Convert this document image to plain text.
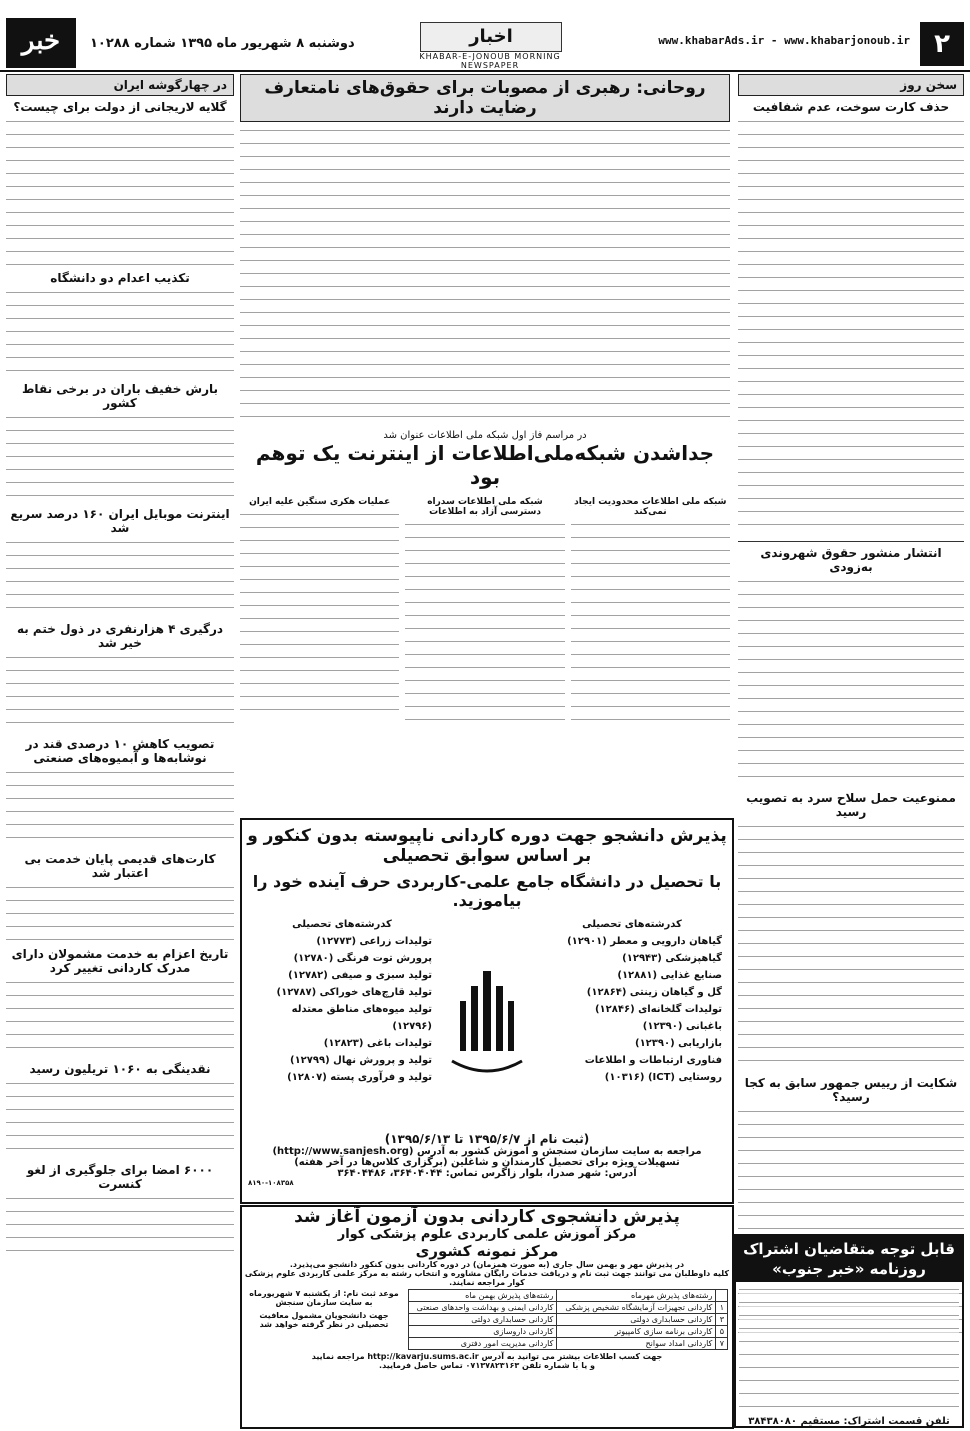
خبر	دوشنبه ۸ شهریور ماه ۱۳۹۵ شماره ۱۰۲۸۸	اخبار
KHABAR-E-JONOUB MORNING NEWSPAPER
www.khabarAds.ir - www.khabarjonoub.ir ۲
سخن روز
حذف کارت سوخت، عدم شفافیت
انتشار منشور حقوق شهروندی به‌زودی
ممنوعیت حمل سلاح سرد به تصویب رسید
شکایت از رییس جمهور سابق به کجا رسید؟
قابل توجه متقاضیان اشتراک روزنامه «خبر جنوب»
تلفن قسمت اشتراک: مستقیم ۳۸۴۳۸۰۸۰
روحانی: رهبری از مصوبات برای حقوق‌های نامتعارف رضایت دارند
در مراسم فاز اول شبکه ملی اطلاعات عنوان شد
جداشدن شبکه‌ملی‌اطلاعات از اینترنت یک توهم بود
شبکه ملی اطلاعات محدودیت ایجاد نمی‌کند
شبکه ملی اطلاعات سدراه دسترسی آزاد به اطلاعات
عملیات هکری سنگین علیه ایران
پذیرش دانشجو جهت دوره کاردانی ناپیوسته بدون کنکور و بر اساس سوابق تحصیلی
با تحصیل در دانشگاه جامع علمی-کاربردی حرف آینده خود را بیاموزید.
کدرشته‌های تحصیلی
گیاهان دارویی و معطر (۱۲۹۰۱)
گیاهپزشکی (۱۲۹۴۳)
صنایع غذایی (۱۲۸۸۱)
گل و گیاهان زینتی (۱۲۸۶۴)
تولیدات گلخانه‌ای (۱۲۸۴۶)
باغبانی (۱۲۳۹۰)
بازاریابی (۱۲۳۹۰)
فناوری ارتباطات و اطلاعات روستایی (ICT) (۱۰۳۱۶)
کدرشته‌های تحصیلی
تولیدات زراعی (۱۲۷۷۳)
پرورش توت فرنگی (۱۲۷۸۰)
تولید سبزی و صیفی (۱۲۷۸۲)
تولید قارچ‌های خوراکی (۱۲۷۸۷)
تولید میوه‌های مناطق معتدله (۱۲۷۹۶)
تولیدات باغی (۱۲۸۲۳)
تولید و پرورش نهال (۱۲۷۹۹)
تولید و فرآوری پسته (۱۲۸۰۷)
(ثبت نام از ۱۳۹۵/۶/۷ تا ۱۳۹۵/۶/۱۳)
مراجعه به سایت سازمان سنجش و آموزش کشور به آدرس (http://www.sanjesh.org)
تسهیلات ویژه برای تحصیل کارمندان و شاغلین (برگزاری کلاس‌ها در آخر هفته)
آدرس: شهر صدرا، بلوار زاگرس تماس: ۳۶۴۰۴۰۴۴، ۳۶۴۰۴۴۸۶
۸۱۹۰-۱۰۸۳۵۸
پذیرش دانشجوی کاردانی بدون آزمون آغاز شد
مرکز آموزش علمی کاربردی علوم پزشکی کوار
مرکز نمونه کشوری
در پذیرش مهر و بهمن سال جاری (به صورت همزمان) در دوره کاردانی بدون کنکور دانشجو می‌پذیرد.
کلیه داوطلبان می توانند جهت ثبت نام و دریافت خدمات رایگان مشاوره و انتخاب رشته به مرکز علمی کاربردی علوم پزشکی کوار مراجعه نمایند.
	رشته‌های پذیرش مهرماه	رشته‌های پذیرش بهمن ماه
۱	کاردانی تجهیزات آزمایشگاه تشخیص پزشکی	کاردانی ایمنی و بهداشت واحدهای صنعتی
۳	کاردانی حسابداری دولتی	کاردانی حسابداری دولتی
۵	کاردانی برنامه سازی کامپیوتر	کاردانی داروسازی
۷	کاردانی امداد سوانح	کاردانی مدیریت امور دفتری
موعد ثبت نام: از یکشنبه ۷ شهریورماه
به سایت سازمان سنجش
جهت دانشجویان مشمول معافیت تحصیلی در نظر گرفته خواهد شد
جهت کسب اطلاعات بیشتر می توانید به آدرس http://kavarju.sums.ac.ir مراجعه نمایید
و یا با شماره تلفن ۰۷۱۳۷۸۲۳۱۶۳ تماس حاصل فرمایید.
در چهارگوشه ایران
گلایه لاریجانی از دولت برای چیست؟
تکذیب اعدام دو دانشگاه
بارش خفیف باران در برخی نقاط کشور
اینترنت موبایل ایران ۱۶۰ درصد سریع شد
درگیری ۴ هزارنفری در ذول ختم به خیر شد
تصویب کاهش ۱۰ درصدی قند در نوشابه‌ها و آبمیوه‌های صنعتی
کارت‌های قدیمی پایان خدمت بی اعتبار شد
تاریخ اعزام به خدمت مشمولان دارای مدرک کاردانی تغییر کرد
نقدینگی به ۱۰۶۰ تریلیون رسید
۶۰۰۰ امضا برای جلوگیری از لغو کنسرت
